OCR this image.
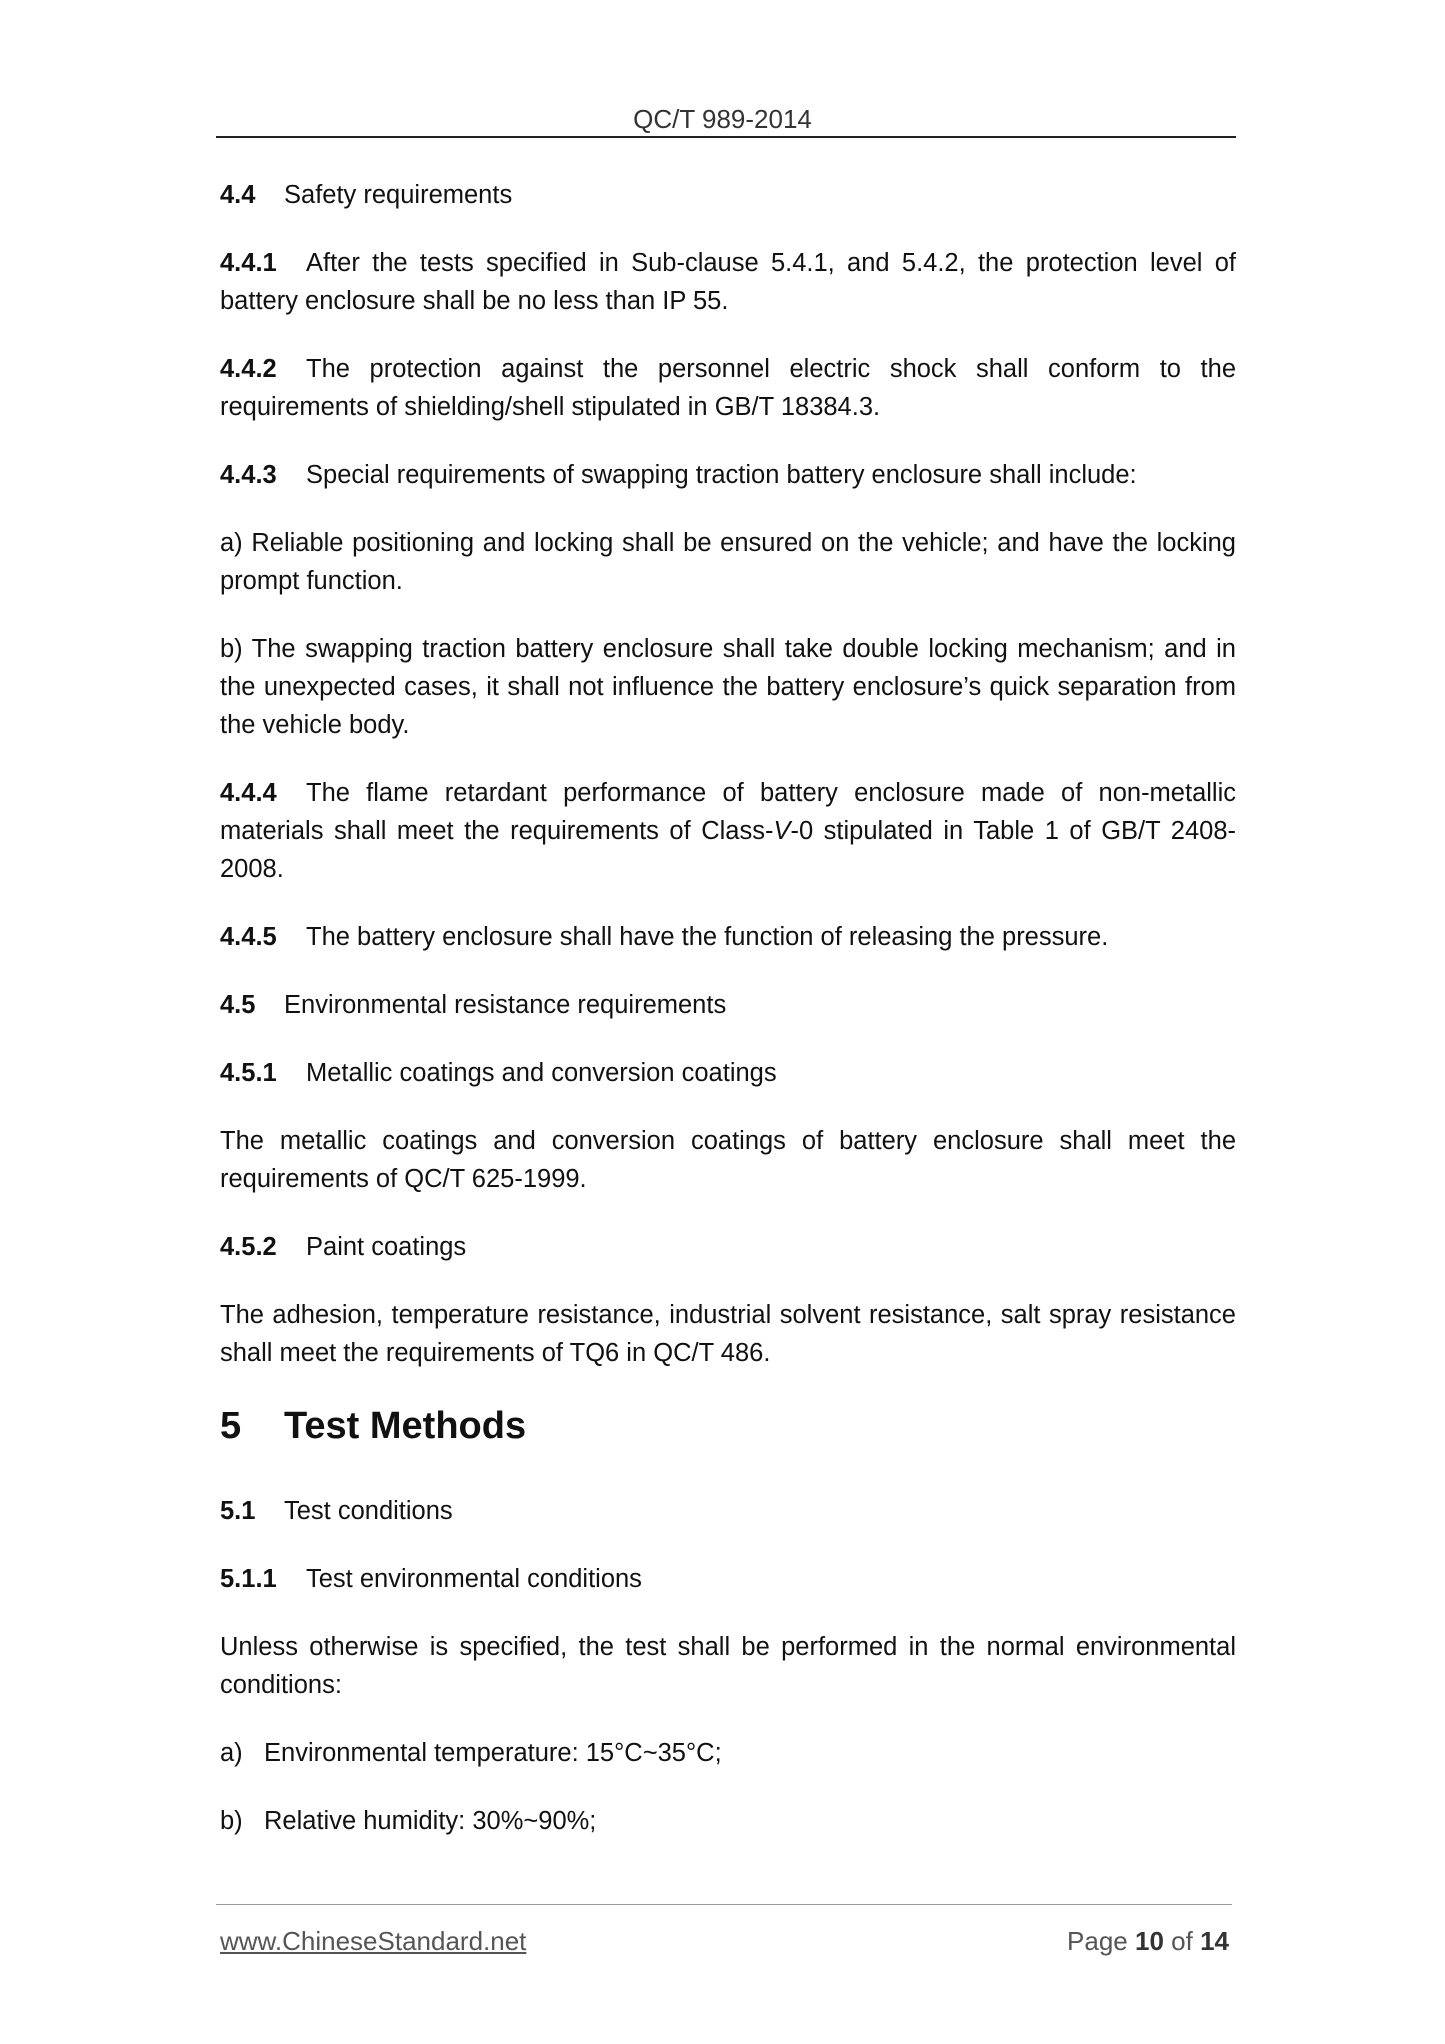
QC/T 989-2014

4.4 Safety requirements

4.4.1 After the tests specified in Sub-clause 5.4.1, and 5.4.2, the protection level of battery enclosure shall be no less than IP 55.

4.4.2 The protection against the personnel electric shock shall conform to the requirements of shielding/shell stipulated in GB/T 18384.3.

4.4.3 Special requirements of swapping traction battery enclosure shall include:

a) Reliable positioning and locking shall be ensured on the vehicle; and have the locking prompt function.

b) The swapping traction battery enclosure shall take double locking mechanism; and in the unexpected cases, it shall not influence the battery enclosure’s quick separation from the vehicle body.

4.4.4 The flame retardant performance of battery enclosure made of non-metallic materials shall meet the requirements of Class-V-0 stipulated in Table 1 of GB/T 2408-2008.

4.4.5 The battery enclosure shall have the function of releasing the pressure.

4.5 Environmental resistance requirements

4.5.1 Metallic coatings and conversion coatings

The metallic coatings and conversion coatings of battery enclosure shall meet the requirements of QC/T 625-1999.

4.5.2 Paint coatings

The adhesion, temperature resistance, industrial solvent resistance, salt spray resistance shall meet the requirements of TQ6 in QC/T 486.

5 Test Methods

5.1 Test conditions

5.1.1 Test environmental conditions

Unless otherwise is specified, the test shall be performed in the normal environmental conditions:

a) Environmental temperature: 15°C~35°C;

b) Relative humidity: 30%~90%;

www.ChineseStandard.net	Page 10 of 14
